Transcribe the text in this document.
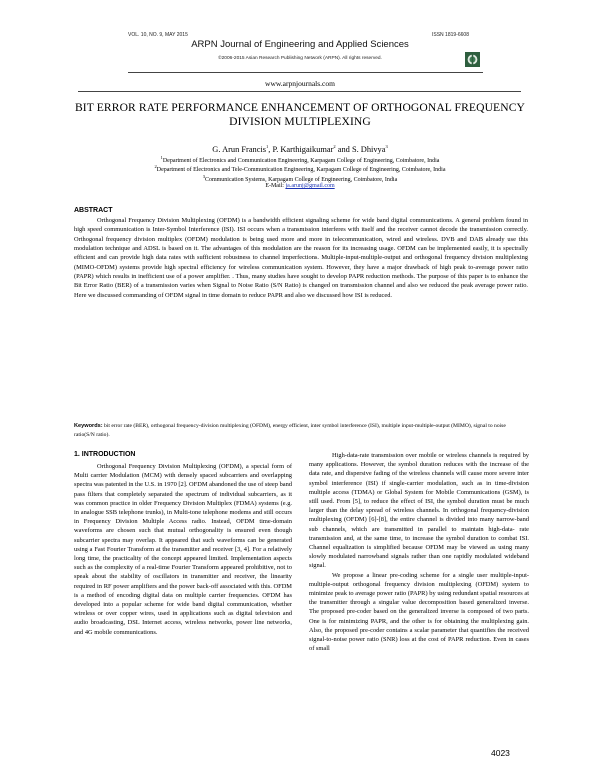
VOL. 10, NO. 9, MAY 2015	ISSN 1819-6608
ARPN Journal of Engineering and Applied Sciences
©2006-2015 Asian Research Publishing Network (ARPN). All rights reserved.
www.arpnjournals.com
BIT ERROR RATE PERFORMANCE ENHANCEMENT OF ORTHOGONAL FREQUENCY DIVISION MULTIPLEXING
G. Arun Francis$^1$, P. Karthigaikumar$^2$ and S. Dhivya$^3$
$^1$Department of Electronics and Communication Engineering, Karpagam College of Engineering, Coimbatore, India
$^2$Department of Electronics and Tele-Communication Engineering, Karpagam College of Engineering, Coimbatore, India
$^3$Communication Systems, Karpagam College of Engineering, Coimbatore, India
E-Mail: ja.arunj@gmail.com
ABSTRACT
Orthogonal Frequency Division Multiplexing (OFDM) is a bandwidth efficient signaling scheme for wide band digital communications. A general problem found in high speed communication is Inter-Symbol Interference (ISI). ISI occurs when a transmission interferes with itself and the receiver cannot decode the transmission correctly. Orthogonal frequency division multiplex (OFDM) modulation is being used more and more in telecommunication, wired and wireless. DVB and DAB already use this modulation technique and ADSL is based on it. The advantages of this modulation are the reason for its increasing usage. OFDM can be implemented easily, it is spectrally efficient and can provide high data rates with sufficient robustness to channel imperfections. Multiple-input-multiple-output and orthogonal frequency division multiplexing (MIMO-OFDM) systems provide high spectral efficiency for wireless communication system. However, they have a major drawback of high peak to-average power ratio (PAPR) which results in inefficient use of a power amplifier. . Thus, many studies have sought to develop PAPR reduction methods. The purpose of this paper is to enhance the Bit Error Ratio (BER) of a transmission varies when Signal to Noise Ratio (S/N Ratio) is changed on transmission channel and also we reduced the peak average power ratio. Here we discussed commanding of OFDM signal in time domain to reduce PAPR and also we discussed how ISI is reduced.
Keywords: bit error rate (BER), orthogonal frequency-division multiplexing (OFDM), energy efficient, inter symbol interference (ISI), multiple input-multiple-output (MIMO), signal to noise ratio(S/N ratio).
1. INTRODUCTION

Orthogonal Frequency Division Multiplexing (OFDM), a special form of Multi carrier Modulation (MCM) with densely spaced subcarriers and overlapping spectra was patented in the U.S. in 1970 [2]. OFDM abandoned the use of steep band pass filters that completely separated the spectrum of individual subcarriers, as it was common practice in older Frequency Division Multiplex (FDMA) systems (e.g. in analogue SSB telephone trunks), in Multi-tone telephone modems and still occurs in Frequency Division Multiple Access radio. Instead, OFDM time-domain waveforms are chosen such that mutual orthogonality is ensured even though subcarrier spectra may overlap. It appeared that such waveforms can be generated using a Fast Fourier Transform at the transmitter and receiver [3, 4]. For a relatively long time, the practicality of the concept appeared limited. Implementation aspects such as the complexity of a real-time Fourier Transform appeared prohibitive, not to speak about the stability of oscillators in transmitter and receiver, the linearity required in RF power amplifiers and the power back-off associated with this. OFDM is a method of encoding digital data on multiple carrier frequencies. OFDM has developed into a popular scheme for wide band digital communication, whether wireless or over copper wires, used in applications such as digital television and audio broadcasting, DSL Internet access, wireless networks, power line networks, and 4G mobile communications.

High-data-rate transmission over mobile or wireless channels is required by many applications. However, the symbol duration reduces with the increase of the data rate, and dispersive fading of the wireless channels will cause more severe inter symbol interference (ISI) if single-carrier modulation, such as in time-division multiple access (TDMA) or Global System for Mobile Communications (GSM), is still used. From [5], to reduce the effect of ISI, the symbol duration must be much larger than the delay spread of wireless channels. In orthogonal frequency-division multiplexing (OFDM) [6]-[8], the entire channel is divided into many narrow-band sub channels, which are transmitted in parallel to maintain high-data- rate transmission and, at the same time, to increase the symbol duration to combat ISI. Channel equalization is simplified because OFDM may be viewed as using many slowly modulated narrowband signals rather than one rapidly modulated wideband signal.

We propose a linear pre-coding scheme for a single user multiple-input-multiple-output orthogonal frequency division multiplexing (OFDM) system to minimize peak to average power ratio (PAPR) by using redundant spatial resources at the transmitter through a singular value decomposition based generalized inverse. The proposed pre-coder based on the generalized inverse is composed of two parts. One is for minimizing PAPR, and the other is for obtaining the multiplexing gain. Also, the proposed pre-coder contains a scalar parameter that quantifies the received signal-to-noise power ratio (SNR) loss at the cost of PAPR reduction. Even in cases of small

4023
